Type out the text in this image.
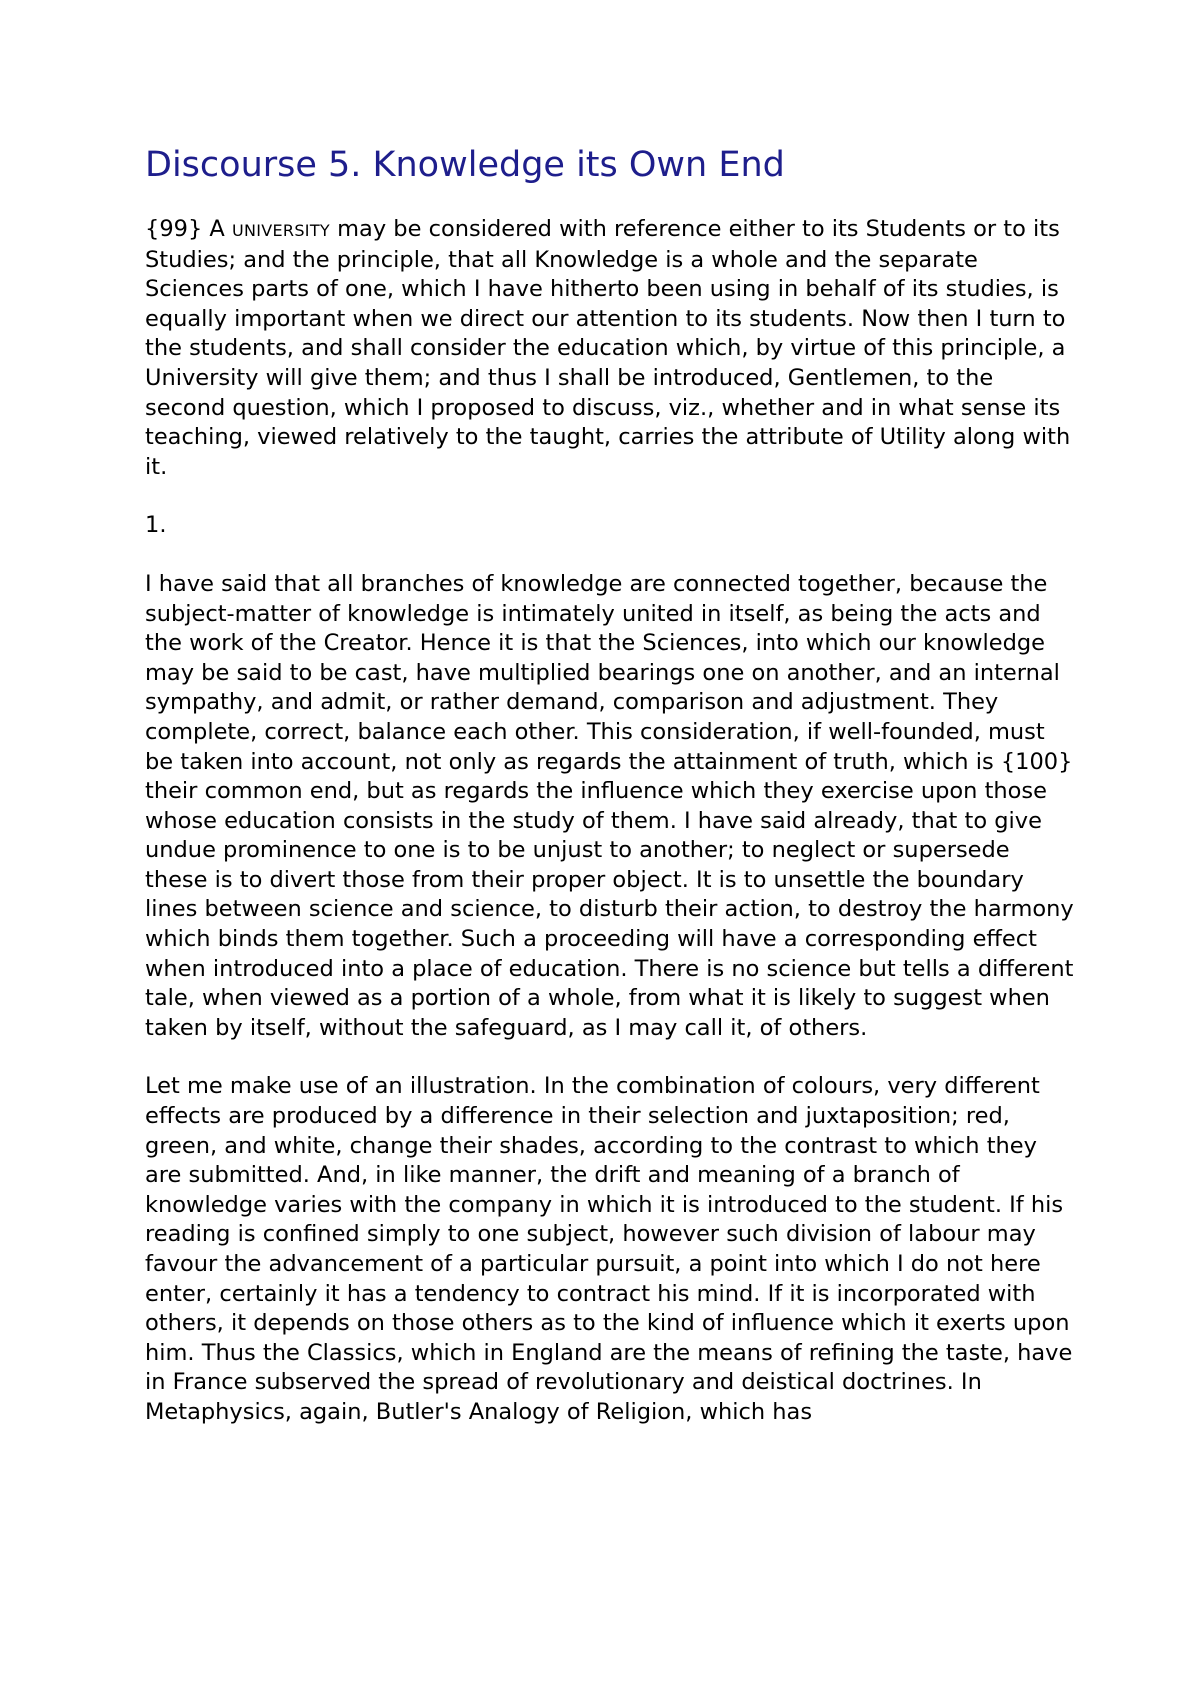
Discourse 5. Knowledge its Own End

{99} A UNIVERSITY may be considered with reference either to its Students or to its Studies; and the principle, that all Knowledge is a whole and the separate Sciences parts of one, which I have hitherto been using in behalf of its studies, is equally important when we direct our attention to its students. Now then I turn to the students, and shall consider the education which, by virtue of this principle, a University will give them; and thus I shall be introduced, Gentlemen, to the second question, which I proposed to discuss, viz., whether and in what sense its teaching, viewed relatively to the taught, carries the attribute of Utility along with it.

1.

I have said that all branches of knowledge are connected together, because the subject-matter of knowledge is intimately united in itself, as being the acts and the work of the Creator. Hence it is that the Sciences, into which our knowledge may be said to be cast, have multiplied bearings one on another, and an internal sympathy, and admit, or rather demand, comparison and adjustment. They complete, correct, balance each other. This consideration, if well-founded, must be taken into account, not only as regards the attainment of truth, which is {100} their common end, but as regards the influence which they exercise upon those whose education consists in the study of them. I have said already, that to give undue prominence to one is to be unjust to another; to neglect or supersede these is to divert those from their proper object. It is to unsettle the boundary lines between science and science, to disturb their action, to destroy the harmony which binds them together. Such a proceeding will have a corresponding effect when introduced into a place of education. There is no science but tells a different tale, when viewed as a portion of a whole, from what it is likely to suggest when taken by itself, without the safeguard, as I may call it, of others.

Let me make use of an illustration. In the combination of colours, very different effects are produced by a difference in their selection and juxtaposition; red, green, and white, change their shades, according to the contrast to which they are submitted. And, in like manner, the drift and meaning of a branch of knowledge varies with the company in which it is introduced to the student. If his reading is confined simply to one subject, however such division of labour may favour the advancement of a particular pursuit, a point into which I do not here enter, certainly it has a tendency to contract his mind. If it is incorporated with others, it depends on those others as to the kind of influence which it exerts upon him. Thus the Classics, which in England are the means of refining the taste, have in France subserved the spread of revolutionary and deistical doctrines. In Metaphysics, again, Butler's Analogy of Religion, which has
